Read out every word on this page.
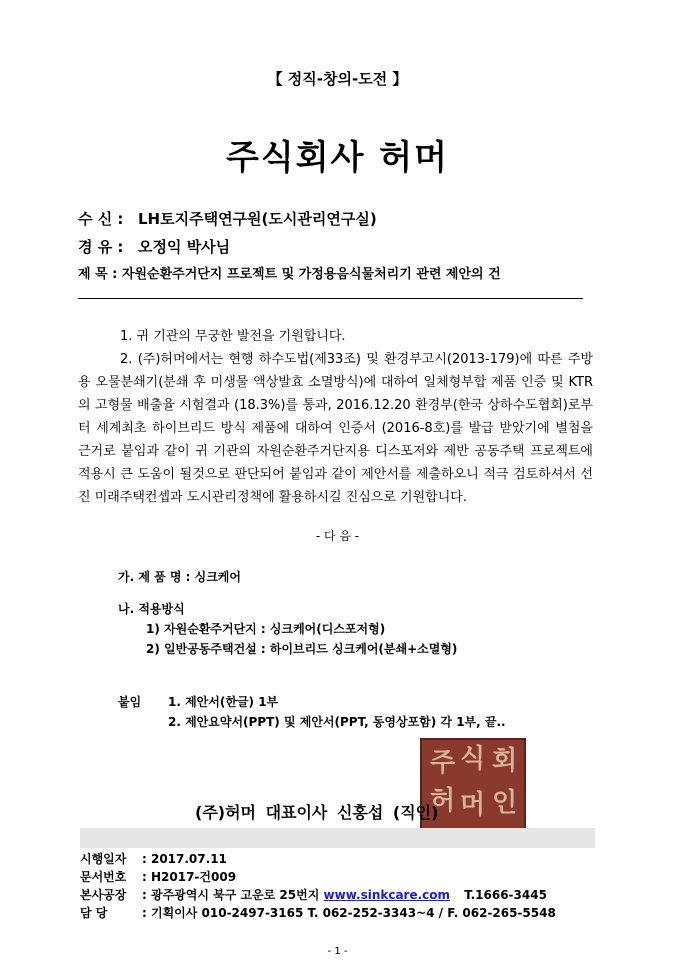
【 정직-창의-도전 】
주식회사 허머
수 신 : LH토지주택연구원(도시관리연구실)
경 유 : 오정익 박사님
제 목 : 자원순환주거단지 프로젝트 및 가정용음식물처리기 관련 제안의 건

1. 귀 기관의 무궁한 발전을 기원합니다.

2. (주)허머에서는 현행 하수도법(제33조) 및 환경부고시(2013-179)에 따른 주방용 오물분쇄기(분쇄 후 미생물 액상발효 소멸방식)에 대하여 일체형부합 제품 인증 및 KTR의 고형물 배출율 시험결과 (18.3%)를 통과, 2016.12.20 환경부(한국 상하수도협회)로부터 세계최초 하이브리드 방식 제품에 대하여 인증서 (2016-8호)를 발급 받았기에 별첨을 근거로 붙임과 같이 귀 기관의 자원순환주거단지용 디스포저와 제반 공동주택 프로젝트에 적용시 큰 도움이 될것으로 판단되어 붙임과 같이 제안서를 제출하오니 적극 검토하셔서 선진 미래주택컨셉과 도시관리정책에 활용하시길 진심으로 기원합니다.

- 다 음 -
가. 제 품 명 : 싱크케어
나. 적용방식
1) 자원순환주거단지 : 싱크케어(디스포저형)
2) 일반공동주택건설 : 하이브리드 싱크케어(분쇄+소멸형)
붙임 1. 제안서(한글) 1부
2. 제안요약서(PPT) 및 제안서(PPT, 동영상포함) 각 1부, 끝..
주 식 회
허 머 인
(주)허머 대표이사 신홍섭 (직인)
시행일자 : 2017.07.11
문서번호 : H2017-건009
본사공장 : 광주광역시 북구 고운로 25번지 www.sinkcare.com T.1666-3445
담 당	: 기획이사 010-2497-3165 T. 062-252-3343~4 / F. 062-265-5548
- 1 -
